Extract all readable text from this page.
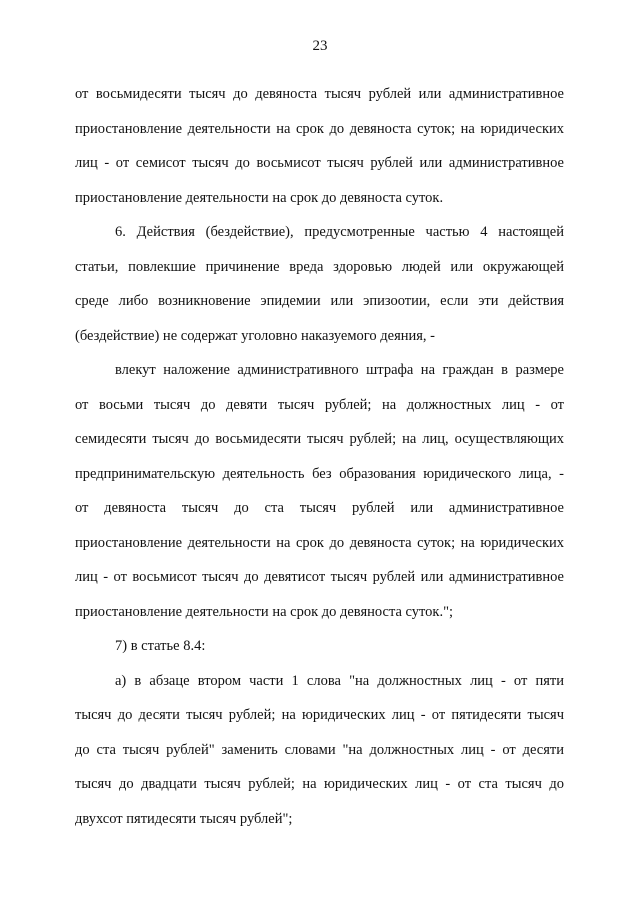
23
от восьмидесяти тысяч до девяноста тысяч рублей или административное
приостановление деятельности на срок до девяноста суток; на юридических
лиц - от семисот тысяч до восьмисот тысяч рублей или административное
приостановление деятельности на срок до девяноста суток.
6. Действия (бездействие), предусмотренные частью 4 настоящей
статьи, повлекшие причинение вреда здоровью людей или окружающей
среде либо возникновение эпидемии или эпизоотии, если эти действия
(бездействие) не содержат уголовно наказуемого деяния, -
влекут наложение административного штрафа на граждан в размере
от восьми тысяч до девяти тысяч рублей; на должностных лиц - от
семидесяти тысяч до восьмидесяти тысяч рублей; на лиц, осуществляющих
предпринимательскую деятельность без образования юридического лица, -
от девяноста тысяч до ста тысяч рублей или административное
приостановление деятельности на срок до девяноста суток; на юридических
лиц - от восьмисот тысяч до девятисот тысяч рублей или административное
приостановление деятельности на срок до девяноста суток.";
7) в статье 8.4:
а) в абзаце втором части 1 слова "на должностных лиц - от пяти
тысяч до десяти тысяч рублей; на юридических лиц - от пятидесяти тысяч
до ста тысяч рублей" заменить словами "на должностных лиц - от десяти
тысяч до двадцати тысяч рублей; на юридических лиц - от ста тысяч до
двухсот пятидесяти тысяч рублей";
